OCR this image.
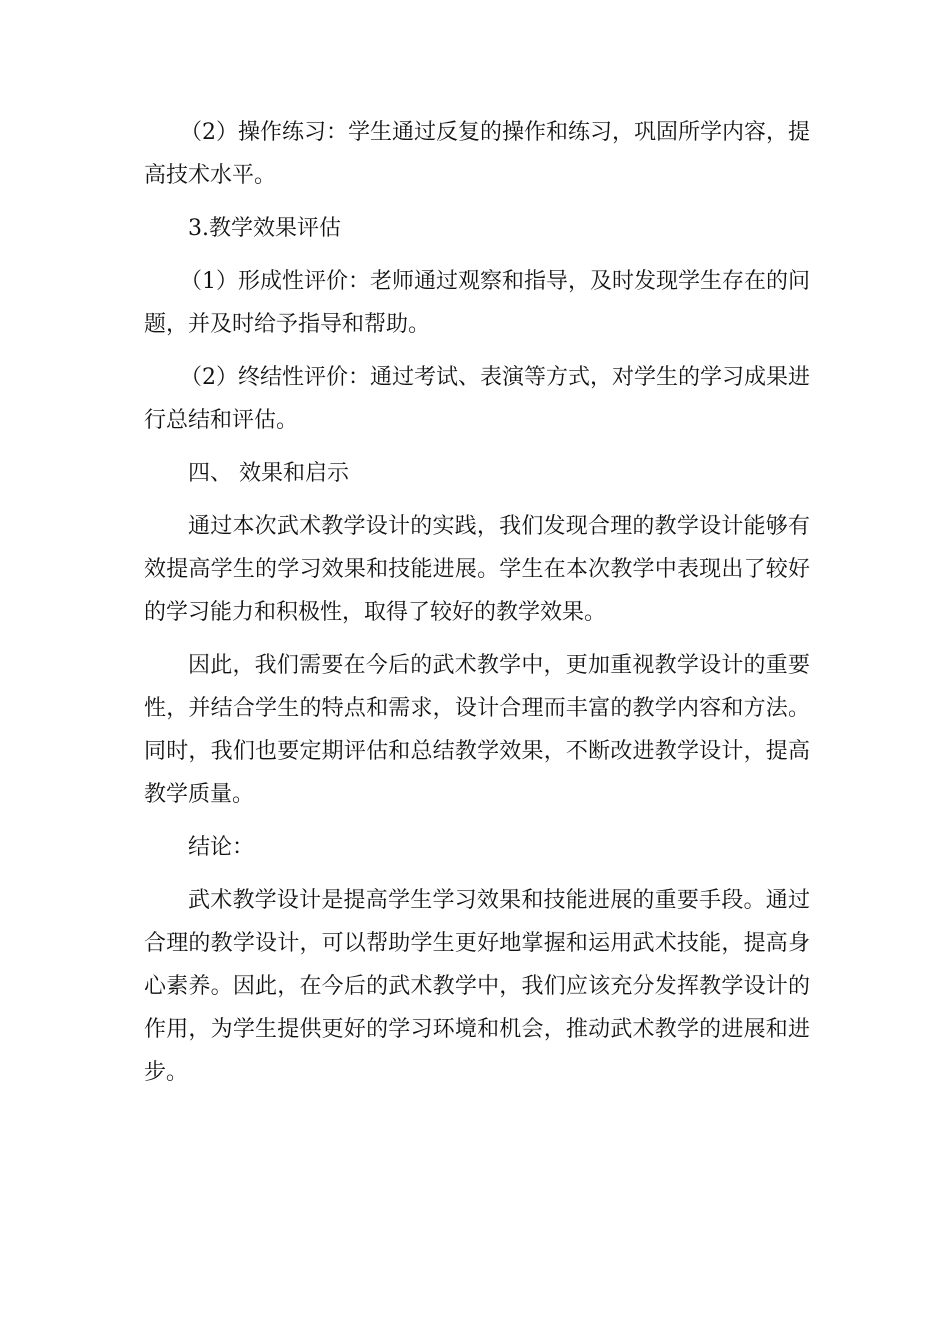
（2）操作练习：学生通过反复的操作和练习，巩固所学内容，提高技术水平。

3.教学效果评估

（1）形成性评价：老师通过观察和指导，及时发现学生存在的问题，并及时给予指导和帮助。

（2）终结性评价：通过考试、表演等方式，对学生的学习成果进行总结和评估。

四、 效果和启示

通过本次武术教学设计的实践，我们发现合理的教学设计能够有效提高学生的学习效果和技能进展。学生在本次教学中表现出了较好的学习能力和积极性，取得了较好的教学效果。

因此，我们需要在今后的武术教学中，更加重视教学设计的重要性，并结合学生的特点和需求，设计合理而丰富的教学内容和方法。同时，我们也要定期评估和总结教学效果，不断改进教学设计，提高教学质量。

结论：

武术教学设计是提高学生学习效果和技能进展的重要手段。通过合理的教学设计，可以帮助学生更好地掌握和运用武术技能，提高身心素养。因此，在今后的武术教学中，我们应该充分发挥教学设计的作用，为学生提供更好的学习环境和机会，推动武术教学的进展和进步。
